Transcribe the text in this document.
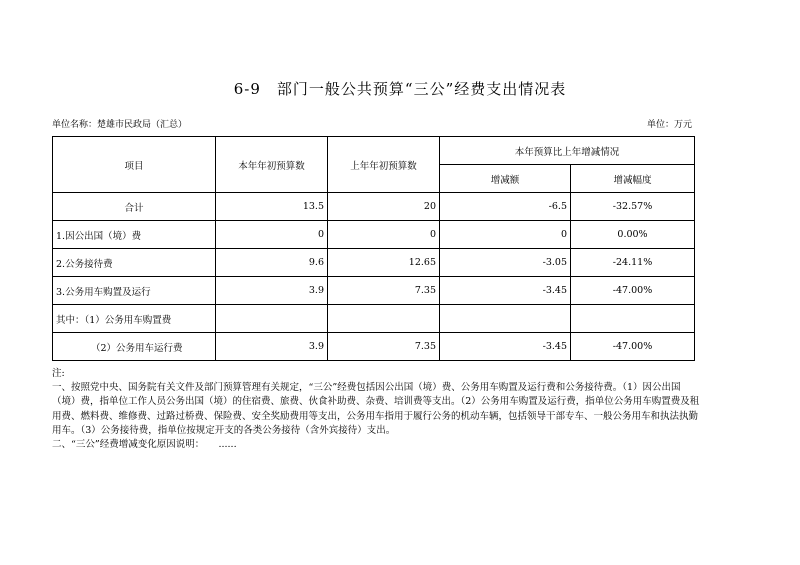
6-9　部门一般公共预算“三公”经费支出情况表
单位名称：楚雄市民政局（汇总）	单位：万元
项目	本年年初预算数	上年年初预算数	本年预算比上年增减情况	
			增减额	增减幅度
合计	13.5	20	-6.5	-32.57%
1.因公出国（境）费	0	0	0	0.00%
2.公务接待费	9.6	12.65	-3.05	-24.11%
3.公务用车购置及运行	3.9	7.35	-3.45	-47.00%
其中：（1）公务用车购置费				
（2）公务用车运行费	3.9	7.35	-3.45	-47.00%
注:
一、按照党中央、国务院有关文件及部门预算管理有关规定，“三公”经费包括因公出国（境）费、公务用车购置及运行费和公务接待费。（1）因公出国（境）费，指单位工作人员公务出国（境）的住宿费、旅费、伙食补助费、杂费、培训费等支出。（2）公务用车购置及运行费，指单位公务用车购置费及租用费、燃料费、维修费、过路过桥费、保险费、安全奖励费用等支出，公务用车指用于履行公务的机动车辆，包括领导干部专车、一般公务用车和执法执勤用车。（3）公务接待费，指单位按规定开支的各类公务接待（含外宾接待）支出。
二、“三公”经费增减变化原因说明：　　......
